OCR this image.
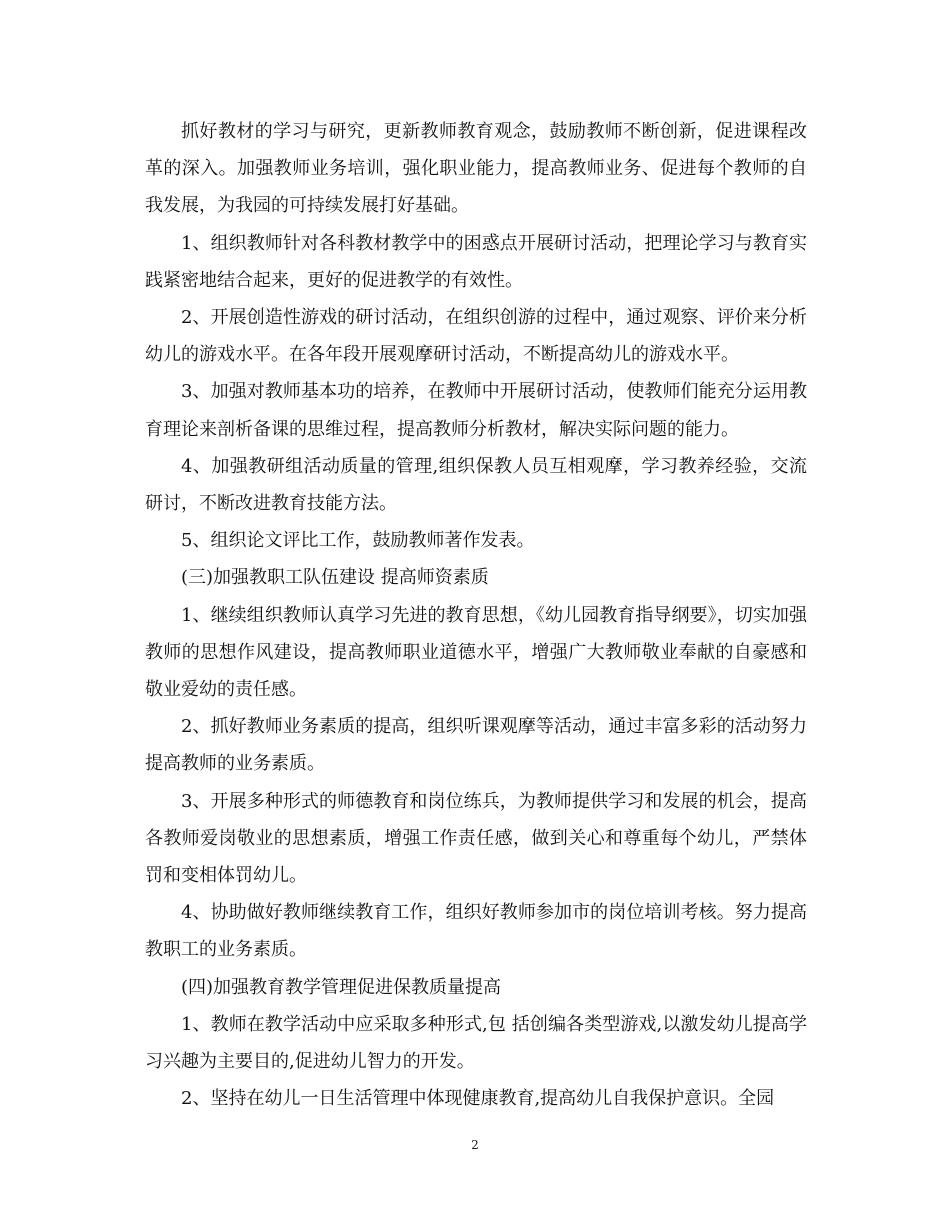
抓好教材的学习与研究，更新教师教育观念，鼓励教师不断创新，促进课程改革的深入。加强教师业务培训，强化职业能力，提高教师业务、促进每个教师的自我发展，为我园的可持续发展打好基础。

1、组织教师针对各科教材教学中的困惑点开展研讨活动，把理论学习与教育实践紧密地结合起来，更好的促进教学的有效性。

2、开展创造性游戏的研讨活动，在组织创游的过程中，通过观察、评价来分析幼儿的游戏水平。在各年段开展观摩研讨活动，不断提高幼儿的游戏水平。

3、加强对教师基本功的培养，在教师中开展研讨活动，使教师们能充分运用教育理论来剖析备课的思维过程，提高教师分析教材，解决实际问题的能力。

4、加强教研组活动质量的管理,组织保教人员互相观摩，学习教养经验，交流研讨，不断改进教育技能方法。

5、组织论文评比工作，鼓励教师著作发表。

(三)加强教职工队伍建设 提高师资素质

1、继续组织教师认真学习先进的教育思想，《幼儿园教育指导纲要》，切实加强教师的思想作风建设，提高教师职业道德水平，增强广大教师敬业奉献的自豪感和敬业爱幼的责任感。

2、抓好教师业务素质的提高，组织听课观摩等活动，通过丰富多彩的活动努力提高教师的业务素质。

3、开展多种形式的师德教育和岗位练兵，为教师提供学习和发展的机会，提高各教师爱岗敬业的思想素质，增强工作责任感，做到关心和尊重每个幼儿，严禁体罚和变相体罚幼儿。

4、协助做好教师继续教育工作，组织好教师参加市的岗位培训考核。努力提高教职工的业务素质。

(四)加强教育教学管理促进保教质量提高

1、教师在教学活动中应采取多种形式,包 括创编各类型游戏,以激发幼儿提高学习兴趣为主要目的,促进幼儿智力的开发。

2、坚持在幼儿一日生活管理中体现健康教育,提高幼儿自我保护意识。全园

2
